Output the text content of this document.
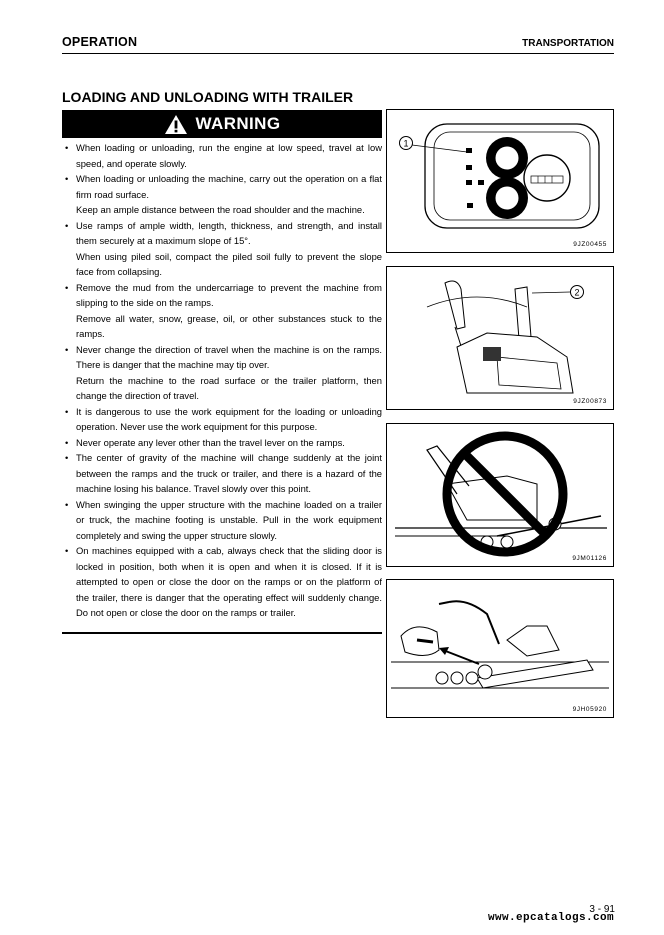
OPERATION	TRANSPORTATION
LOADING AND UNLOADING WITH TRAILER
WARNING
• When loading or unloading, run the engine at low speed, travel at low speed, and operate slowly.
• When loading or unloading the machine, carry out the operation on a flat firm road surface.
Keep an ample distance between the road shoulder and the machine.
• Use ramps of ample width, length, thickness, and strength, and install them securely at a maximum slope of 15°.
When using piled soil, compact the piled soil fully to prevent the slope face from collapsing.
• Remove the mud from the undercarriage to prevent the machine from slipping to the side on the ramps.
Remove all water, snow, grease, oil, or other substances stuck to the ramps.
• Never change the direction of travel when the machine is on the ramps. There is danger that the machine may tip over.
Return the machine to the road surface or the trailer platform, then change the direction of travel.
• It is dangerous to use the work equipment for the loading or unloading operation. Never use the work equipment for this purpose.
• Never operate any lever other than the travel lever on the ramps.
• The center of gravity of the machine will change suddenly at the joint between the ramps and the truck or trailer, and there is a hazard of the machine losing his balance. Travel slowly over this point.
• When swinging the upper structure with the machine loaded on a trailer or truck, the machine footing is unstable. Pull in the work equipment completely and swing the upper structure slowly.
• On machines equipped with a cab, always check that the sliding door is locked in position, both when it is open and when it is closed. If it is attempted to open or close the door on the ramps or on the platform of the trailer, there is danger that the operating effect will suddenly change. Do not open or close the door on the ramps or trailer.
1
9JZ00455
2
9JZ00873
9JM01126
9JH05920
3 - 91
www.epcatalogs.com
